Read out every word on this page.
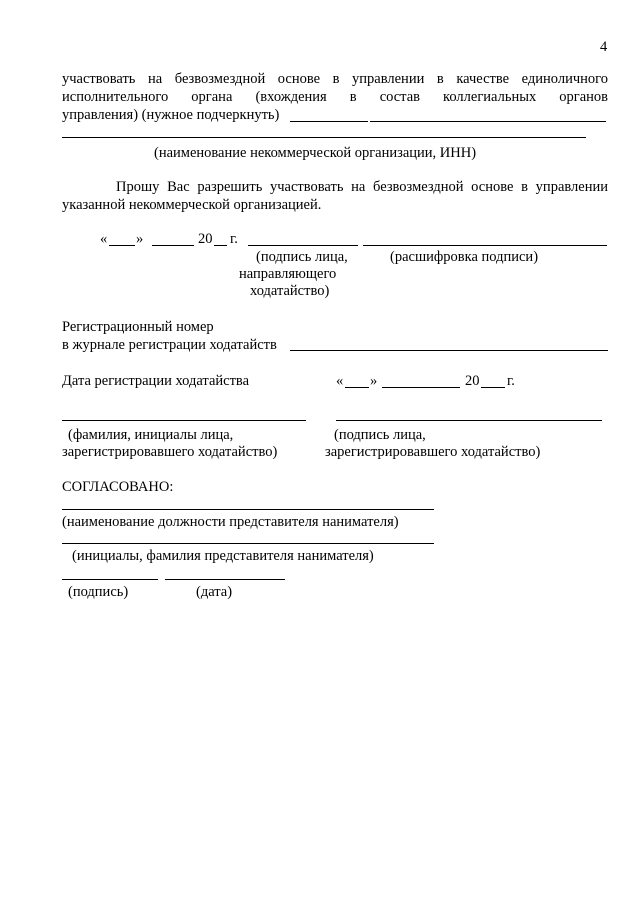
4
участвовать на безвозмездной основе в управлении в качестве единоличного
исполнительного органа (вхождения в состав коллегиальных органов
управления) (нужное подчеркнуть)
(наименование некоммерческой организации, ИНН)
Прошу Вас разрешить участвовать на безвозмездной основе в управлении
указанной некоммерческой организацией.
« »	20 г.
(подпись лица,
направляющего
ходатайство)
(расшифровка подписи)
Регистрационный номер
в журнале регистрации ходатайств
Дата регистрации ходатайства	« »	20 г.
(фамилия, инициалы лица,
зарегистрировавшего ходатайство)
(подпись лица,
зарегистрировавшего ходатайство)
СОГЛАСОВАНО:
(наименование должности представителя нанимателя)
(инициалы, фамилия представителя нанимателя)
(подпись)	(дата)
